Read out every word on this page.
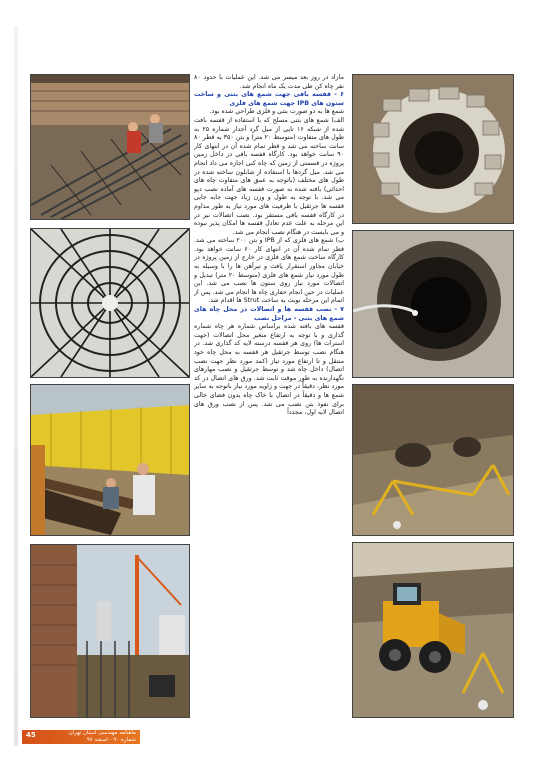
مازاد در روز بعد میسر می شد. این عملیات با حدود ۸۰ نفر چاه کن طی مدت یک ماه انجام شد.

۶ - قفسه بافی جهت شمع های بتنی و ساخت ستون های IPB جهت شمع های فلزی

شمع ها به دو صورت بتنی و فلزی طراحی شده بود.

الف) شمع های بتنی مسلح که با استفاده از قفسه بافت شده از شبکه ۱۶ تایی از میل گرد آجدار شماره ۲۵ به طول های متفاوت (متوسط ۲۰ متر) و بتن ۳۵۰ به قطر ۸۰ سانت ساخته می شد و قطر تمام شده آن در انتهای کار ۹۰ سانت خواهد بود. کارگاه قفسه بافی در داخل زمین پروژه در قسمتی از زمین که چاه کنی اجازه می داد انجام می شد. میل گردها با استفاده از شابلون ساخته شده در طول های مختلف (باتوجه به عمق های متفاوت چاه های احداثی) بافته شده به صورت قفسه های آماده نصب دپو می شد. با توجه به طول و وزن زیاد جهت جابه جایی قفسه ها جرثقیل با ظرفیت های مورد نیاز به طور مداوم در کارگاه قفسه بافی مستقر بود. نصب اتصالات نیز در این مرحله به علت عدم تعادل قفسه ها امکان پذیر نبوده و می بایست در هنگام نصب انجام می شد.

ب) شمع های فلزی که از IPB و بتن ۲۰۰ ساخته می شد. قطر تمام شده آن در انتهای کار ۶۰ سانت خواهد بود. کارگاه ساخت شمع های فلزی در خارج از زمین پروژه در خیابان مجاور استقرار یافت و تیرآهن ها را با وسیله به طول مورد نیاز شمع های فلزی (متوسط ۲۰ متر) تبدیل و اتصالات مورد نیاز روی ستون ها نصب می شد. این عملیات در حین انجام حفاری چاه ها انجام می شد. پس از اتمام این مرحله نوبت به ساخت Strut ها اقدام شد.

۷ - نصب قفسه ها و اتصالات در محل چاه های شمع های بتنی - مراحل نصب

قفسه های بافته شده براساس شماره هر چاه شماره گذاری و با توجه به ارتفاع متغیر محل اتصالات (جهت استرات ها) روی هر قفسه درسته لایه کد گذاری شد. در هنگام نصب توسط جرثقیل هر قفسه به محل چاه خود منتقل و تا ارتفاع مورد نیاز (کمد مورد نظر جهت نصب اتصال) داخل چاه شد و توسط جرثقیل و نصب مهارهای نگهدارنده به طور موقت ثابت شد. ورق های اتصال در کد مورد نظر، دقیقاً در جهت و زاویه مورد نیاز باتوجه به سایر شمع ها و دقیقاً در اتصال با خاک چاه بدون فضای خالی برای نفوذ بتن نصب می شد. پس از نصب ورق های اتصال لایه اول، مجدداً

45	ماهنامه مهندسی استان تهران
شماره ۹۰ - اسفند ۹۷
